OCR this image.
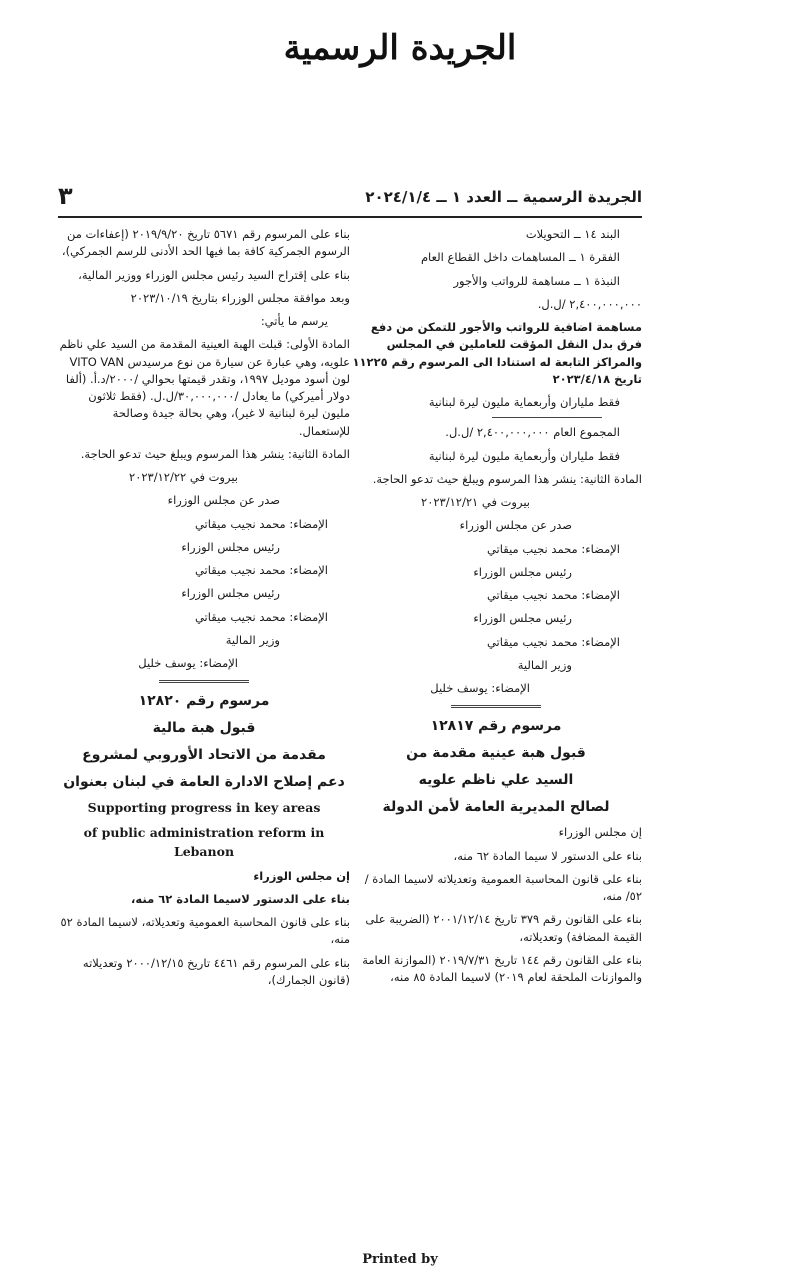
الجريدة الرسمية
الجريدة الرسمية ــ العدد ١ ــ ٢٠٢٤/١/٤
٣

البند ١٤ ــ التحويلات

الفقرة ١ ــ المساهمات داخل القطاع العام

النبذة ١ ــ مساهمة للرواتب والأجور

٢,٤٠٠,٠٠٠,٠٠٠ /ل.ل.

مساهمة اضافية للرواتب والأجور للتمكن من دفع فرق بدل النقل المؤقت للعاملين في المجلس والمراكز التابعة له استنادا الى المرسوم رقم ١١٢٢٥ تاريخ ٢٠٢٣/٤/١٨

فقط ملياران وأربعماية مليون ليرة لبنانية

المجموع العام ٢,٤٠٠,٠٠٠,٠٠٠ /ل.ل.

فقط ملياران وأربعماية مليون ليرة لبنانية

المادة الثانية: ينشر هذا المرسوم ويبلغ حيث تدعو الحاجة.

بيروت في ٢٠٢٣/١٢/٢١

صدر عن مجلس الوزراء

الإمضاء: محمد نجيب ميقاتي

رئيس مجلس الوزراء

الإمضاء: محمد نجيب ميقاتي

رئيس مجلس الوزراء

الإمضاء: محمد نجيب ميقاتي

وزير المالية

الإمضاء: يوسف خليل

مرسوم رقم ١٢٨١٧

قبول هبة عينية مقدمة من

السيد علي ناظم علويه

لصالح المديرية العامة لأمن الدولة

إن مجلس الوزراء

بناء على الدستور لا سيما المادة ٦٢ منه،

بناء على قانون المحاسبة العمومية وتعديلاته لاسيما المادة /٥٢/ منه،

بناء على القانون رقم ٣٧٩ تاريخ ٢٠٠١/١٢/١٤ (الضريبة على القيمة المضافة) وتعديلاته،

بناء على القانون رقم ١٤٤ تاريخ ٢٠١٩/٧/٣١ (الموازنة العامة والموازنات الملحقة لعام ٢٠١٩) لاسيما المادة ٨٥ منه،

بناء على المرسوم رقم ٥٦٧١ تاريخ ٢٠١٩/٩/٢٠ (إعفاءات من الرسوم الجمركية كافة بما فيها الحد الأدنى للرسم الجمركي)،

بناء على إقتراح السيد رئيس مجلس الوزراء ووزير المالية،

وبعد موافقة مجلس الوزراء بتاريخ ٢٠٢٣/١٠/١٩

يرسم ما يأتي:

المادة الأولى: قبلت الهبة العينية المقدمة من السيد علي ناظم علويه، وهي عبارة عن سيارة من نوع مرسيدس VITO VAN لون أسود موديل ١٩٩٧، وتقدر قيمتها بحوالي /٢٠٠٠/د.أ. (ألفا دولار أميركي) ما يعادل /٣٠,٠٠٠,٠٠٠/ل.ل. (فقط ثلاثون مليون ليرة لبنانية لا غير)، وهي بحالة جيدة وصالحة للإستعمال.

المادة الثانية: ينشر هذا المرسوم ويبلغ حيث تدعو الحاجة.

بيروت في ٢٠٢٣/١٢/٢٢

صدر عن مجلس الوزراء

الإمضاء: محمد نجيب ميقاتي

رئيس مجلس الوزراء

الإمضاء: محمد نجيب ميقاتي

رئيس مجلس الوزراء

الإمضاء: محمد نجيب ميقاتي

وزير المالية

الإمضاء: يوسف خليل

مرسوم رقم ١٢٨٢٠

قبول هبة مالية

مقدمة من الاتحاد الأوروبي لمشروع

دعم إصلاح الادارة العامة في لبنان بعنوان

Supporting progress in key areas

of public administration reform in Lebanon

إن مجلس الوزراء

بناء على الدستور لاسيما المادة ٦٢ منه،

بناء على قانون المحاسبة العمومية وتعديلاته، لاسيما المادة ٥٢ منه،

بناء على المرسوم رقم ٤٤٦١ تاريخ ٢٠٠٠/١٢/١٥ وتعديلاته (قانون الجمارك)،

Printed by
